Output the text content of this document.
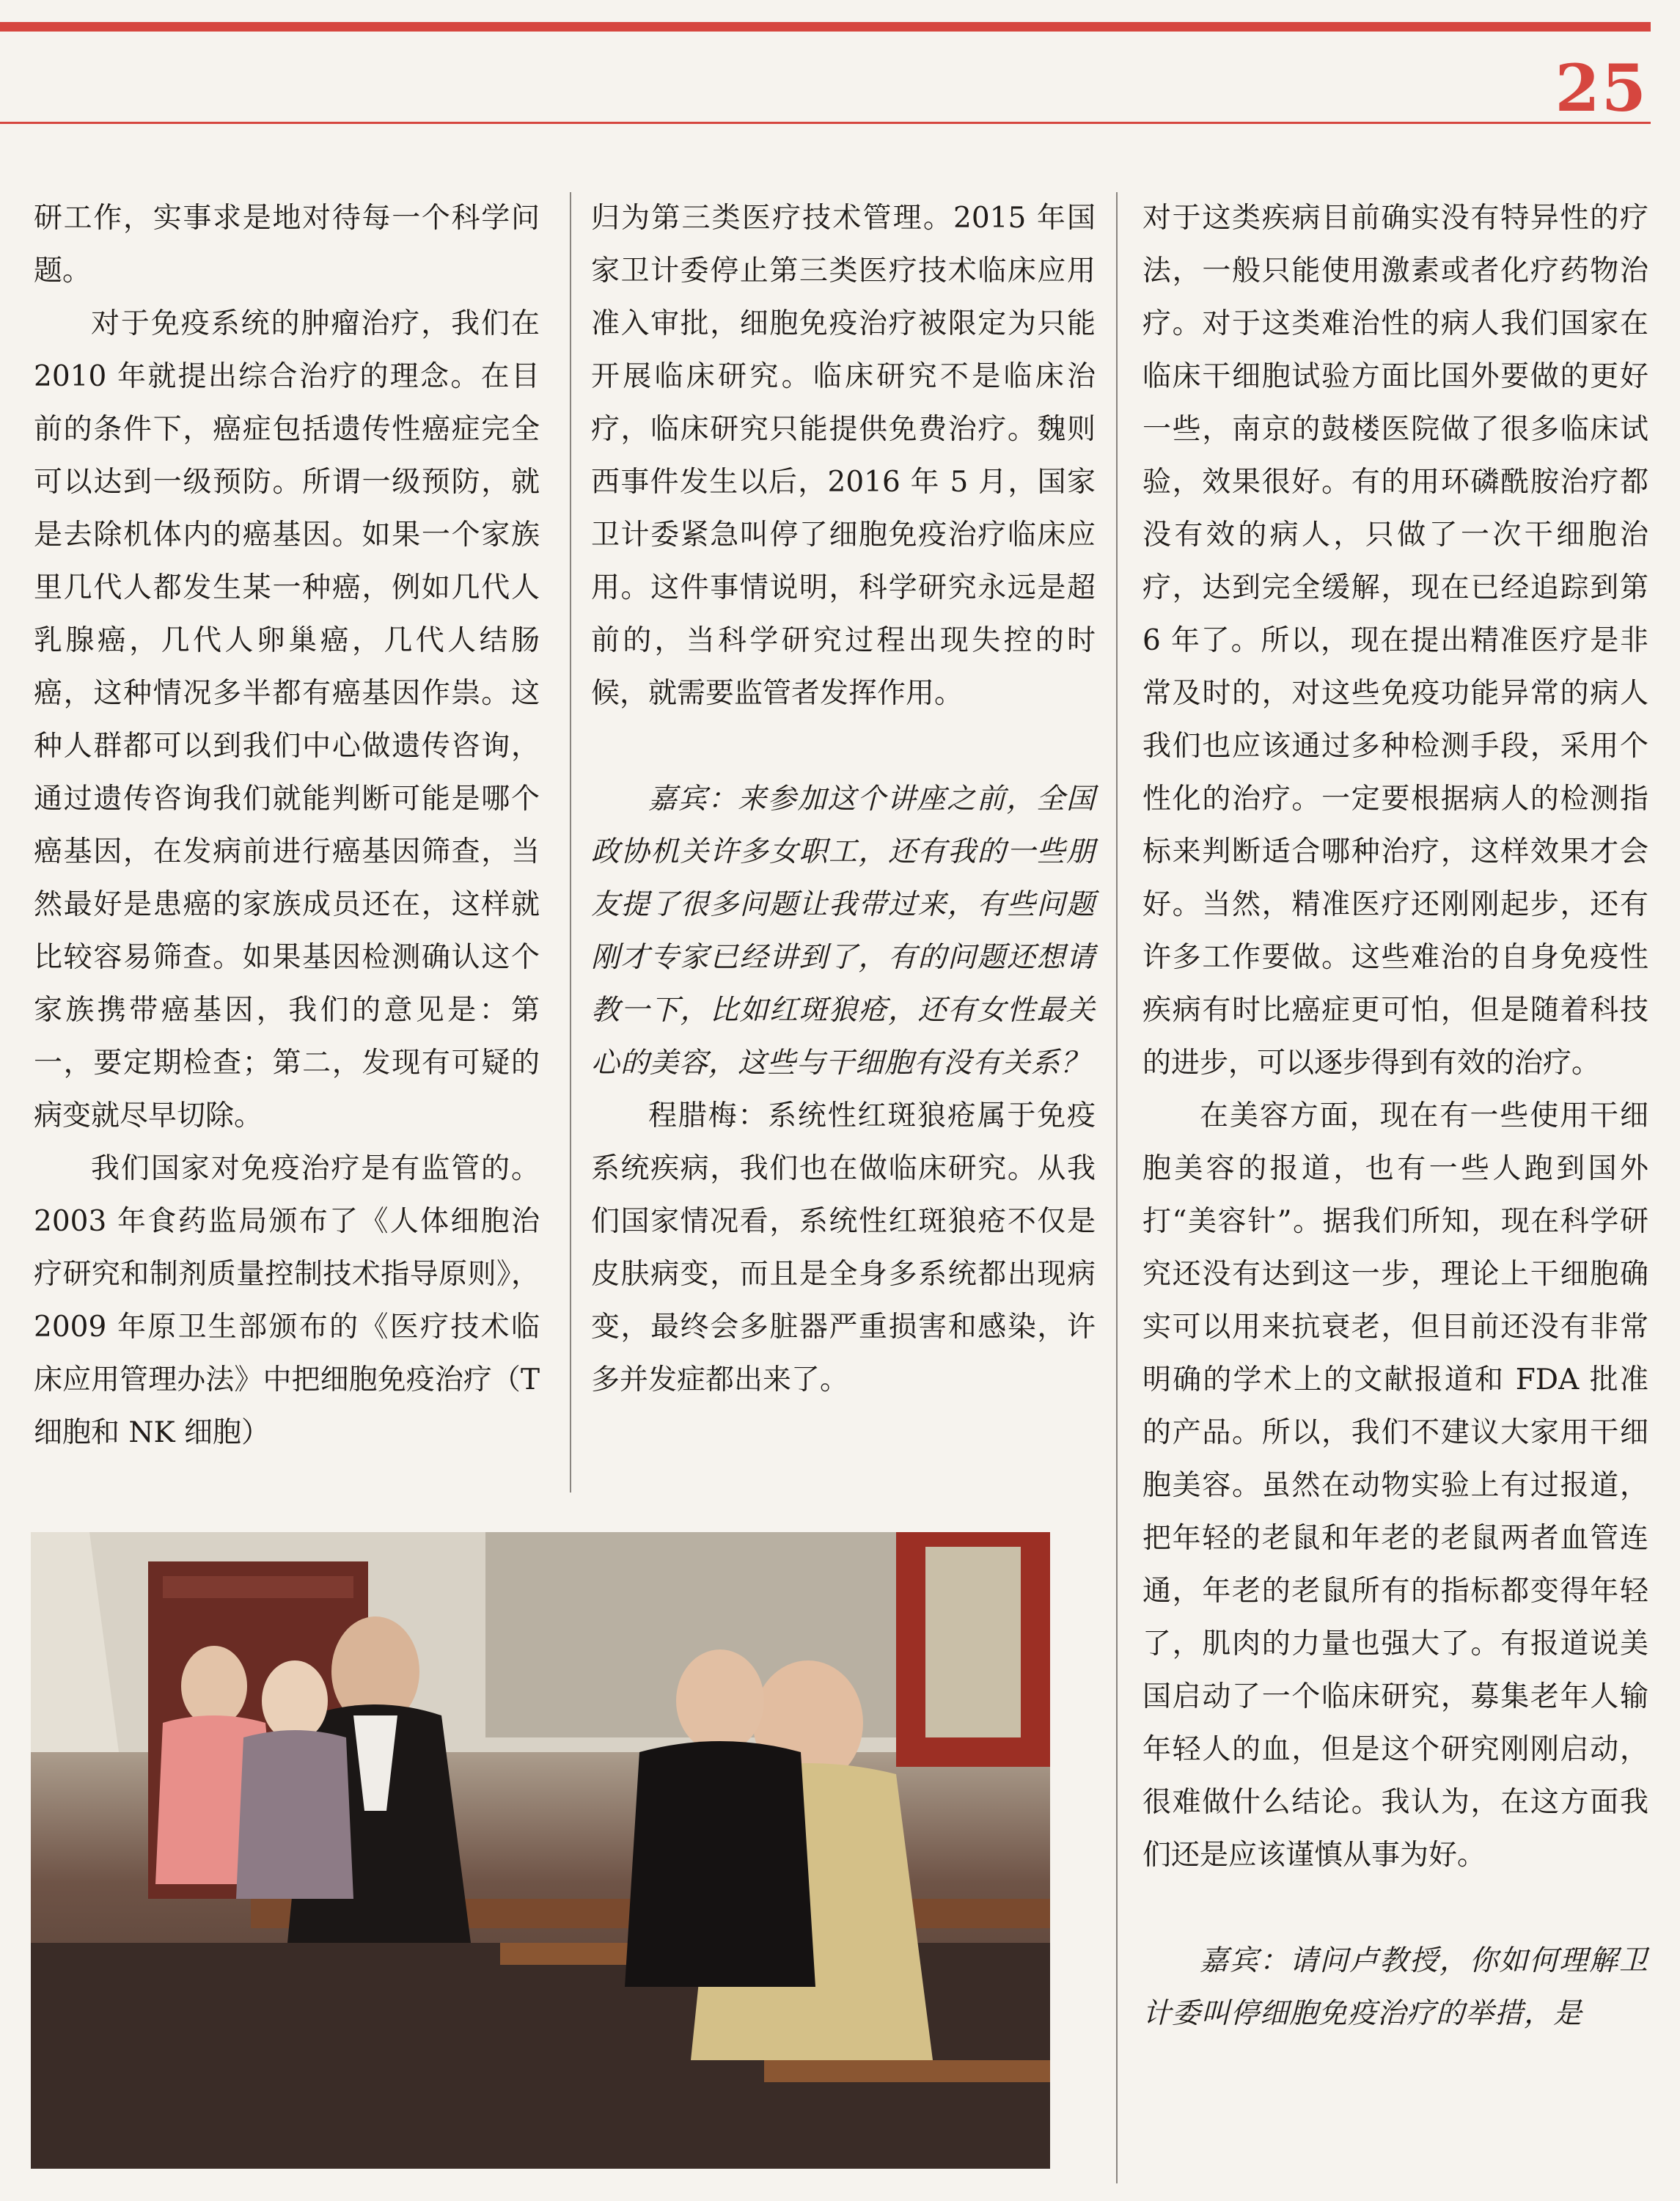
25

研工作，实事求是地对待每一个科学问题。

对于免疫系统的肿瘤治疗，我们在 2010 年就提出综合治疗的理念。在目前的条件下，癌症包括遗传性癌症完全可以达到一级预防。所谓一级预防，就是去除机体内的癌基因。如果一个家族里几代人都发生某一种癌，例如几代人乳腺癌，几代人卵巢癌，几代人结肠癌，这种情况多半都有癌基因作祟。这种人群都可以到我们中心做遗传咨询，通过遗传咨询我们就能判断可能是哪个癌基因，在发病前进行癌基因筛查，当然最好是患癌的家族成员还在，这样就比较容易筛查。如果基因检测确认这个家族携带癌基因，我们的意见是：第一，要定期检查；第二，发现有可疑的病变就尽早切除。

我们国家对免疫治疗是有监管的。2003 年食药监局颁布了《人体细胞治疗研究和制剂质量控制技术指导原则》，2009 年原卫生部颁布的《医疗技术临床应用管理办法》中把细胞免疫治疗（T 细胞和 NK 细胞）

归为第三类医疗技术管理。2015 年国家卫计委停止第三类医疗技术临床应用准入审批，细胞免疫治疗被限定为只能开展临床研究。临床研究不是临床治疗，临床研究只能提供免费治疗。魏则西事件发生以后，2016 年 5 月，国家卫计委紧急叫停了细胞免疫治疗临床应用。这件事情说明，科学研究永远是超前的，当科学研究过程出现失控的时候，就需要监管者发挥作用。

嘉宾：来参加这个讲座之前，全国政协机关许多女职工，还有我的一些朋友提了很多问题让我带过来，有些问题刚才专家已经讲到了，有的问题还想请教一下，比如红斑狼疮，还有女性最关心的美容，这些与干细胞有没有关系？

程腊梅：系统性红斑狼疮属于免疫系统疾病，我们也在做临床研究。从我们国家情况看，系统性红斑狼疮不仅是皮肤病变，而且是全身多系统都出现病变，最终会多脏器严重损害和感染，许多并发症都出来了。

对于这类疾病目前确实没有特异性的疗法，一般只能使用激素或者化疗药物治疗。对于这类难治性的病人我们国家在临床干细胞试验方面比国外要做的更好一些，南京的鼓楼医院做了很多临床试验，效果很好。有的用环磷酰胺治疗都没有效的病人，只做了一次干细胞治疗，达到完全缓解，现在已经追踪到第 6 年了。所以，现在提出精准医疗是非常及时的，对这些免疫功能异常的病人我们也应该通过多种检测手段，采用个性化的治疗。一定要根据病人的检测指标来判断适合哪种治疗，这样效果才会好。当然，精准医疗还刚刚起步，还有许多工作要做。这些难治的自身免疫性疾病有时比癌症更可怕，但是随着科技的进步，可以逐步得到有效的治疗。

在美容方面，现在有一些使用干细胞美容的报道，也有一些人跑到国外打“美容针”。据我们所知，现在科学研究还没有达到这一步，理论上干细胞确实可以用来抗衰老，但目前还没有非常明确的学术上的文献报道和 FDA 批准的产品。所以，我们不建议大家用干细胞美容。虽然在动物实验上有过报道，把年轻的老鼠和年老的老鼠两者血管连通，年老的老鼠所有的指标都变得年轻了，肌肉的力量也强大了。有报道说美国启动了一个临床研究，募集老年人输年轻人的血，但是这个研究刚刚启动，很难做什么结论。我认为，在这方面我们还是应该谨慎从事为好。

嘉宾：请问卢教授，你如何理解卫计委叫停细胞免疫治疗的举措，是
